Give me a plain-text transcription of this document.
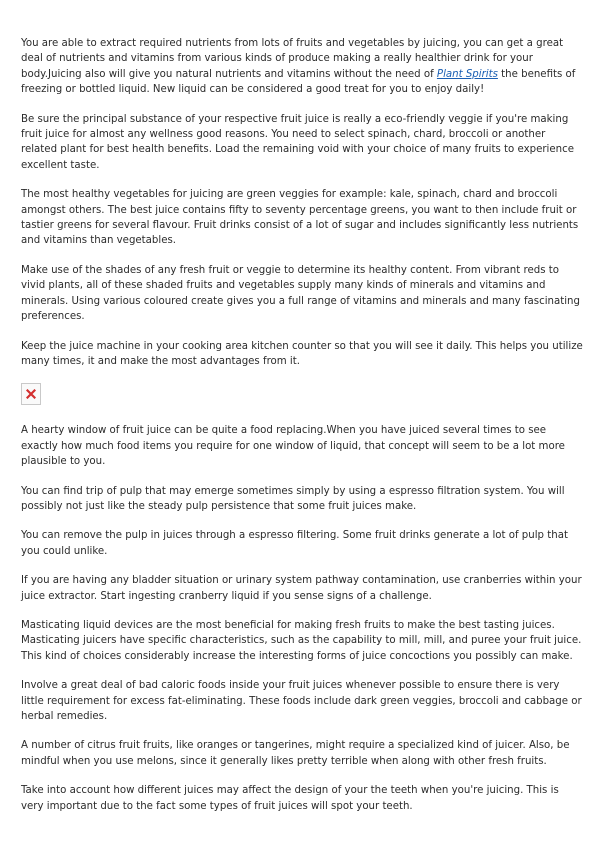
You are able to extract required nutrients from lots of fruits and vegetables by juicing, you can get a great deal of nutrients and vitamins from various kinds of produce making a really healthier drink for your body.Juicing also will give you natural nutrients and vitamins without the need of Plant Spirits the benefits of freezing or bottled liquid. New liquid can be considered a good treat for you to enjoy daily!

Be sure the principal substance of your respective fruit juice is really a eco-friendly veggie if you're making fruit juice for almost any wellness good reasons. You need to select spinach, chard, broccoli or another related plant for best health benefits. Load the remaining void with your choice of many fruits to experience excellent taste.

The most healthy vegetables for juicing are green veggies for example: kale, spinach, chard and broccoli amongst others. The best juice contains fifty to seventy percentage greens, you want to then include fruit or tastier greens for several flavour. Fruit drinks consist of a lot of sugar and includes significantly less nutrients and vitamins than vegetables.

Make use of the shades of any fresh fruit or veggie to determine its healthy content. From vibrant reds to vivid plants, all of these shaded fruits and vegetables supply many kinds of minerals and vitamins and minerals. Using various coloured create gives you a full range of vitamins and minerals and many fascinating preferences.

Keep the juice machine in your cooking area kitchen counter so that you will see it daily. This helps you utilize many times, it and make the most advantages from it.

A hearty window of fruit juice can be quite a food replacing.When you have juiced several times to see exactly how much food items you require for one window of liquid, that concept will seem to be a lot more plausible to you.

You can find trip of pulp that may emerge sometimes simply by using a espresso filtration system. You will possibly not just like the steady pulp persistence that some fruit juices make.

You can remove the pulp in juices through a espresso filtering. Some fruit drinks generate a lot of pulp that you could unlike.

If you are having any bladder situation or urinary system pathway contamination, use cranberries within your juice extractor. Start ingesting cranberry liquid if you sense signs of a challenge.

Masticating liquid devices are the most beneficial for making fresh fruits to make the best tasting juices. Masticating juicers have specific characteristics, such as the capability to mill, mill, and puree your fruit juice. This kind of choices considerably increase the interesting forms of juice concoctions you possibly can make.

Involve a great deal of bad caloric foods inside your fruit juices whenever possible to ensure there is very little requirement for excess fat-eliminating. These foods include dark green veggies, broccoli and cabbage or herbal remedies.

A number of citrus fruit fruits, like oranges or tangerines, might require a specialized kind of juicer. Also, be mindful when you use melons, since it generally likes pretty terrible when along with other fresh fruits.

Take into account how different juices may affect the design of your the teeth when you're juicing. This is very important due to the fact some types of fruit juices will spot your teeth.
